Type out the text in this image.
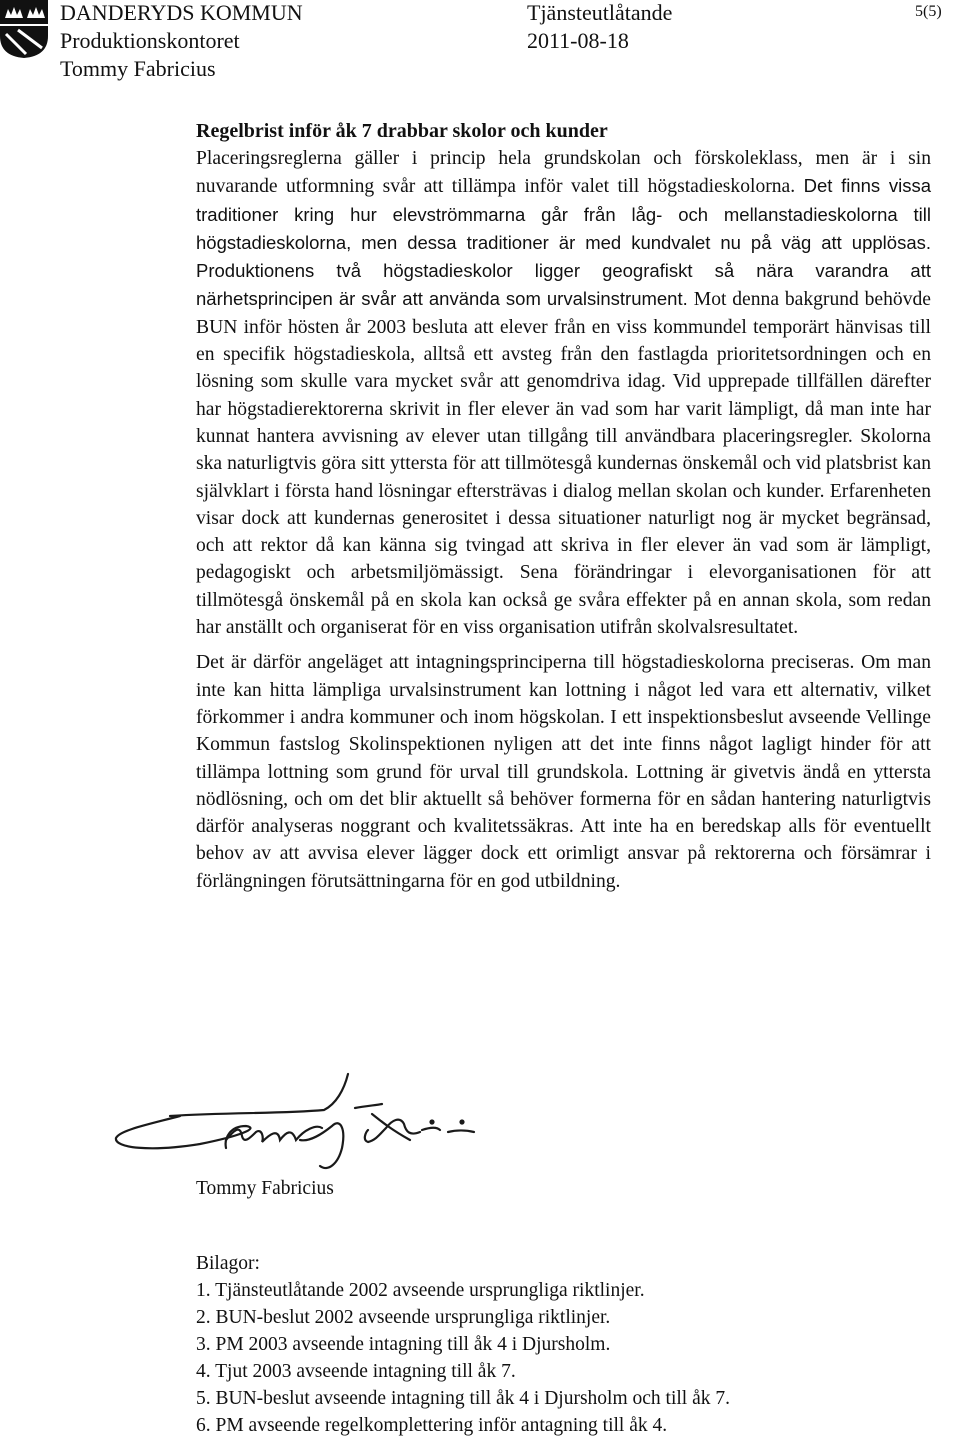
DANDERYDS KOMMUN
Produktionskontoret
Tommy Fabricius
Tjänsteutlåtande
2011-08-18
5(5)
Regelbrist inför åk 7 drabbar skolor och kunder

Placeringsreglerna gäller i princip hela grundskolan och förskoleklass, men är i sin nuvarande utformning svår att tillämpa inför valet till högstadieskolorna. Det finns vissa traditioner kring hur elevströmmarna går från låg- och mellanstadieskolorna till högstadieskolorna, men dessa traditioner är med kundvalet nu på väg att upplösas. Produktionens två högstadieskolor ligger geografiskt så nära varandra att närhetsprincipen är svår att använda som urvalsinstrument. Mot denna bakgrund behövde BUN inför hösten år 2003 besluta att elever från en viss kommundel temporärt hänvisas till en specifik högstadieskola, alltså ett avsteg från den fastlagda prioritetsordningen och en lösning som skulle vara mycket svår att genomdriva idag. Vid upprepade tillfällen därefter har högstadierektorerna skrivit in fler elever än vad som har varit lämpligt, då man inte har kunnat hantera avvisning av elever utan tillgång till användbara placeringsregler. Skolorna ska naturligtvis göra sitt yttersta för att tillmötesgå kundernas önskemål och vid platsbrist kan självklart i första hand lösningar eftersträvas i dialog mellan skolan och kunder. Erfarenheten visar dock att kundernas generositet i dessa situationer naturligt nog är mycket begränsad, och att rektor då kan känna sig tvingad att skriva in fler elever än vad som är lämpligt, pedagogiskt och arbetsmiljömässigt. Sena förändringar i elevorganisationen för att tillmötesgå önskemål på en skola kan också ge svåra effekter på en annan skola, som redan har anställt och organiserat för en viss organisation utifrån skolvalsresultatet.

Det är därför angeläget att intagningsprinciperna till högstadieskolorna preciseras. Om man inte kan hitta lämpliga urvalsinstrument kan lottning i något led vara ett alternativ, vilket förkommer i andra kommuner och inom högskolan. I ett inspektionsbeslut avseende Vellinge Kommun fastslog Skolinspektionen nyligen att det inte finns något lagligt hinder för att tillämpa lottning som grund för urval till grundskola. Lottning är givetvis ändå en yttersta nödlösning, och om det blir aktuellt så behöver formerna för en sådan hantering naturligtvis därför analyseras noggrant och kvalitetssäkras. Att inte ha en beredskap alls för eventuellt behov av att avvisa elever lägger dock ett orimligt ansvar på rektorerna och försämrar i förlängningen förutsättningarna för en god utbildning.

Tommy Fabricius
Bilagor:
1. Tjänsteutlåtande 2002 avseende ursprungliga riktlinjer.
2. BUN-beslut 2002 avseende ursprungliga riktlinjer.
3. PM 2003 avseende intagning till åk 4 i Djursholm.
4. Tjut 2003 avseende intagning till åk 7.
5. BUN-beslut avseende intagning till åk 4 i Djursholm och till åk 7.
6. PM avseende regelkomplettering inför antagning till åk 4.
